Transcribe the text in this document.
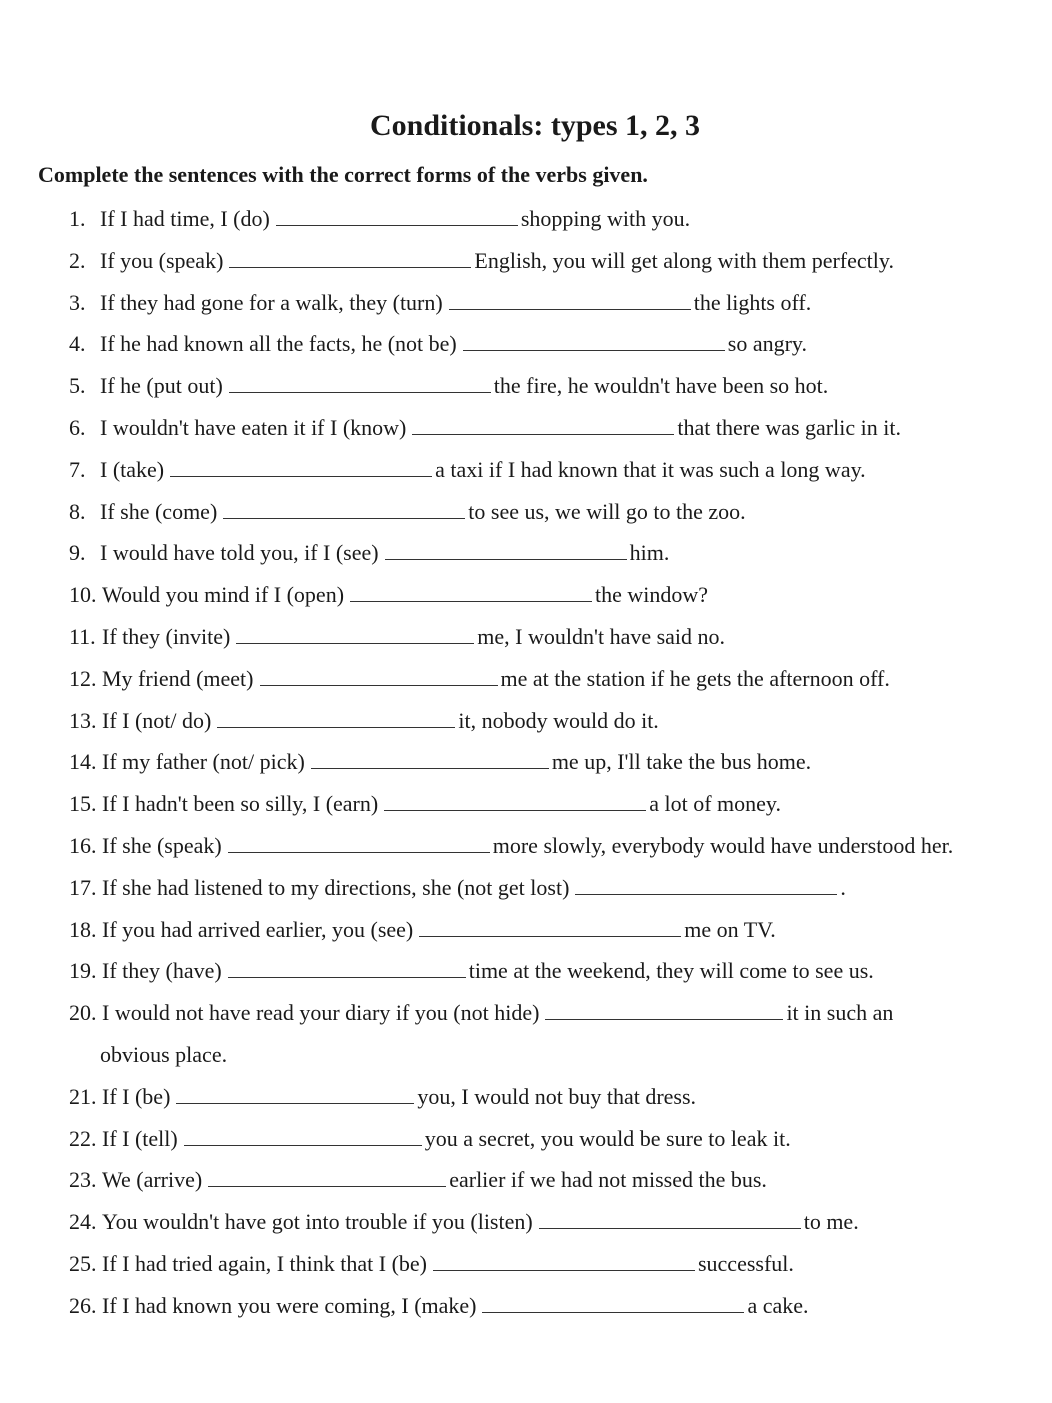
Conditionals: types 1, 2, 3
Complete the sentences with the correct forms of the verbs given.
1. If I had time, I (do)	shopping with you.
2. If you (speak)	English, you will get along with them perfectly.
3. If they had gone for a walk, they (turn)	the lights off.
4. If he had known all the facts, he (not be)	so angry.
5. If he (put out)	the fire, he wouldn't have been so hot.
6. I wouldn't have eaten it if I (know)	that there was garlic in it.
7. I (take)	a taxi if I had known that it was such a long way.
8. If she (come)	to see us, we will go to the zoo.
9. I would have told you, if I (see)	him.
10. Would you mind if I (open)	the window?
11. If they (invite)	me, I wouldn't have said no.
12. My friend (meet)	me at the station if he gets the afternoon off.
13. If I (not/ do)	it, nobody would do it.
14. If my father (not/ pick)	me up, I'll take the bus home.
15. If I hadn't been so silly, I (earn)	a lot of money.
16. If she (speak)	more slowly, everybody would have understood her.
17. If she had listened to my directions, she (not get lost)	.
18. If you had arrived earlier, you (see)	me on TV.
19. If they (have)	time at the weekend, they will come to see us.
20. I would not have read your diary if you (not hide)	it in such an
obvious place.
21. If I (be)	you, I would not buy that dress.
22. If I (tell)	you a secret, you would be sure to leak it.
23. We (arrive)	earlier if we had not missed the bus.
24. You wouldn't have got into trouble if you (listen)	to me.
25. If I had tried again, I think that I (be)	successful.
26. If I had known you were coming, I (make)	a cake.
